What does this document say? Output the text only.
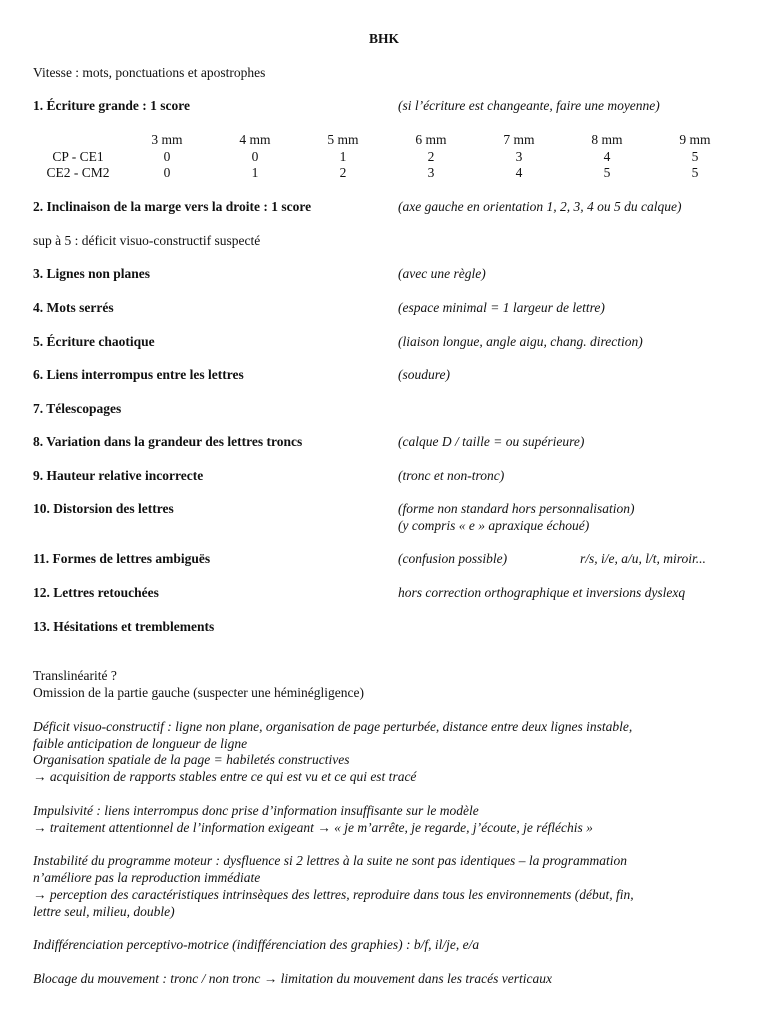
BHK
Vitesse : mots, ponctuations et apostrophes
1. Écriture grande : 1 score	(si l’écriture est changeante, faire une moyenne)
	3 mm	4 mm	5 mm	6 mm	7 mm	8 mm	9 mm
CP - CE1	0	0	1	2	3	4	5
CE2 - CM2	0	1	2	3	4	5	5
2. Inclinaison de la marge vers la droite : 1 score	(axe gauche en orientation 1, 2, 3, 4 ou 5 du calque)
sup à 5 : déficit visuo-constructif suspecté
3. Lignes non planes	(avec une règle)
4. Mots serrés	(espace minimal = 1 largeur de lettre)
5. Écriture chaotique	(liaison longue, angle aigu, chang. direction)
6. Liens interrompus entre les lettres	(soudure)
7. Télescopages
8. Variation dans la grandeur des lettres troncs	(calque D / taille = ou supérieure)
9. Hauteur relative incorrecte	(tronc et non-tronc)
10. Distorsion des lettres	(forme non standard hors personnalisation)
(y compris « e » apraxique échoué)
11. Formes de lettres ambiguës	(confusion possible)	r/s, i/e, a/u, l/t, miroir...
12. Lettres retouchées	hors correction orthographique et inversions dyslexq
13. Hésitations et tremblements
Translinéarité ?
Omission de la partie gauche (suspecter une héminégligence)
Déficit visuo-constructif : ligne non plane, organisation de page perturbée, distance entre deux lignes instable,
faible anticipation de longueur de ligne
Organisation spatiale de la page = habiletés constructives
→ acquisition de rapports stables entre ce qui est vu et ce qui est tracé
Impulsivité : liens interrompus donc prise d’information insuffisante sur le modèle
→ traitement attentionnel de l’information exigeant → « je m’arrête, je regarde, j’écoute, je réfléchis »
Instabilité du programme moteur : dysfluence si 2 lettres à la suite ne sont pas identiques – la programmation
n’améliore pas la reproduction immédiate
→ perception des caractéristiques intrinsèques des lettres, reproduire dans tous les environnements (début, fin,
lettre seul, milieu, double)
Indifférenciation perceptivo-motrice (indifférenciation des graphies) : b/f, il/je, e/a
Blocage du mouvement : tronc / non tronc → limitation du mouvement dans les tracés verticaux
